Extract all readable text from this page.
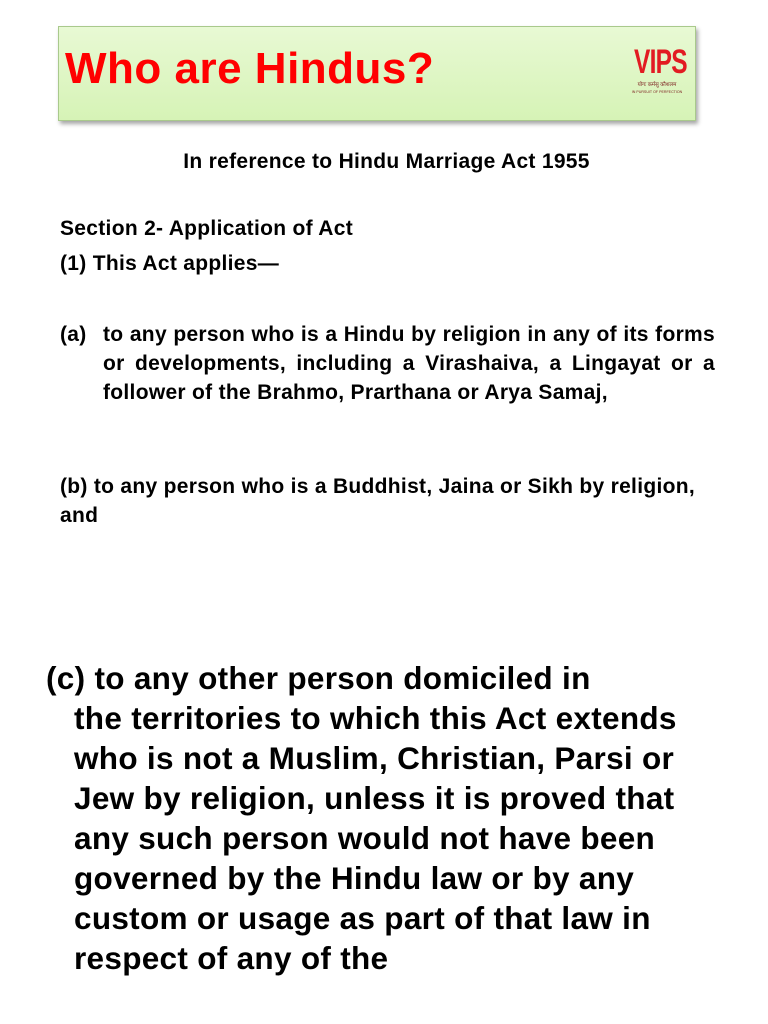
Who are Hindus?	VIPS
योगः कर्मसु कौशलम
IN PURSUIT OF PERFECTION
In reference to Hindu Marriage Act 1955
Section 2- Application of Act
(1) This Act applies—
(a) to any person who is a Hindu by religion in any of its forms or developments, including a Virashaiva, a Lingayat or a follower of the Brahmo, Prarthana or Arya Samaj,
(b) to any person who is a Buddhist, Jaina or Sikh by religion, and
(c) to any other person domiciled in
the territories to which this Act extends who is not a Muslim, Christian, Parsi or Jew by religion, unless it is proved that any such person would not have been governed by the Hindu law or by any custom or usage as part of that law in respect of any of the
